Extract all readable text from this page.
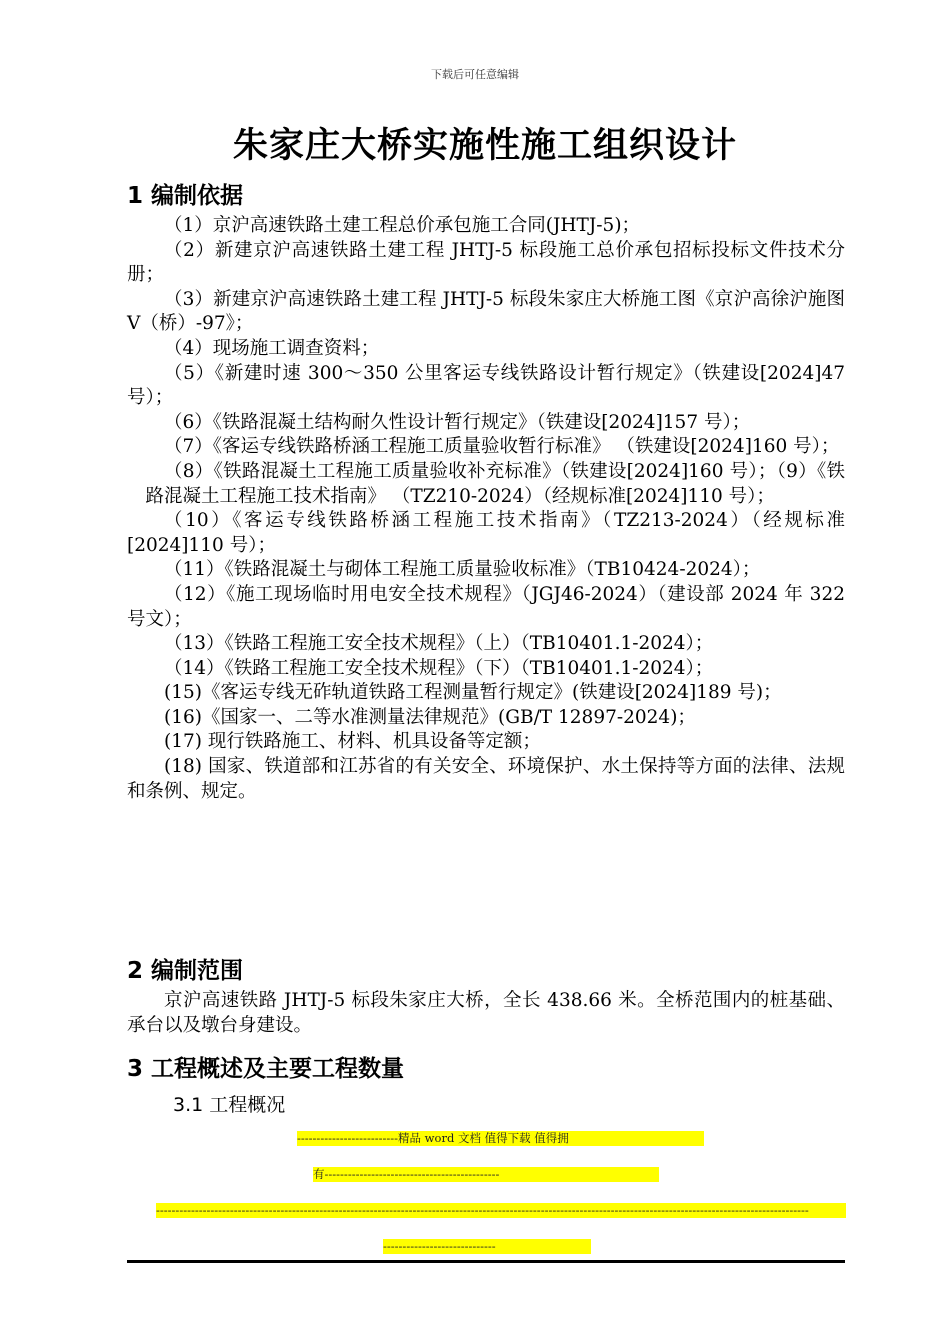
下载后可任意编辑
朱家庄大桥实施性施工组织设计
1 编制依据

（1）京沪高速铁路土建工程总价承包施工合同(JHTJ-5)；

（2）新建京沪高速铁路土建工程 JHTJ-5 标段施工总价承包招标投标文件技术分册；

（3）新建京沪高速铁路土建工程 JHTJ-5 标段朱家庄大桥施工图《京沪高徐沪施图Ⅴ（桥）-97》；

（4）现场施工调查资料；

（5）《新建时速 300～350 公里客运专线铁路设计暂行规定》（铁建设[2024]47 号）；

（6）《铁路混凝土结构耐久性设计暂行规定》（铁建设[2024]157 号）；

（7）《客运专线铁路桥涵工程施工质量验收暂行标准》 （铁建设[2024]160 号）；

（8）《铁路混凝土工程施工质量验收补充标准》（铁建设[2024]160 号）；（9）《铁路混凝土工程施工技术指南》 （TZ210-2024）（经规标准[2024]110 号）；

（10）《客运专线铁路桥涵工程施工技术指南》（TZ213-2024）（经规标准[2024]110 号）；

（11）《铁路混凝土与砌体工程施工质量验收标准》（TB10424-2024）；

（12）《施工现场临时用电安全技术规程》（JGJ46-2024）（建设部 2024 年 322 号文）；

（13）《铁路工程施工安全技术规程》（上）（TB10401.1-2024）；

（14）《铁路工程施工安全技术规程》（下）（TB10401.1-2024）；

(15)《客运专线无砟轨道铁路工程测量暂行规定》(铁建设[2024]189 号)；

(16)《国家一、二等水准测量法律规范》(GB/T 12897-2024)；

(17) 现行铁路施工、材料、机具设备等定额；

(18) 国家、铁道部和江苏省的有关安全、环境保护、水土保持等方面的法律、法规和条例、规定。

2 编制范围

京沪高速铁路 JHTJ-5 标段朱家庄大桥，全长 438.66 米。全桥范围内的桩基础、承台以及墩台身建设。

3 工程概述及主要工程数量
3.1 工程概况
--------------------------精品 word 文档 值得下载 值得拥
有---------------------------------------------
------------------------------------------------------------------------------------------------------------------------------------------------------------------------
-----------------------------
